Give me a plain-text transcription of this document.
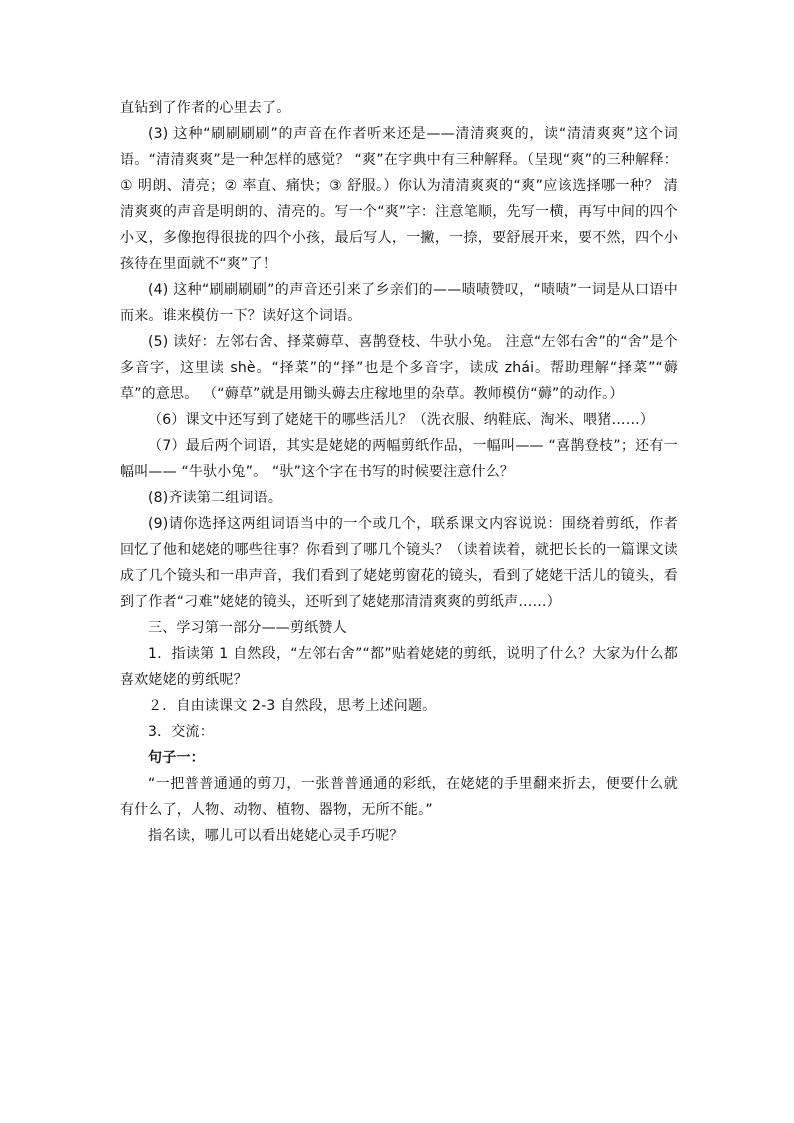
直钻到了作者的心里去了。

(3) 这种“刷刷刷刷”的声音在作者听来还是——清清爽爽的，读“清清爽爽”这个词语。“清清爽爽”是一种怎样的感觉？ “爽”在字典中有三种解释。（呈现“爽”的三种解释：① 明朗、清亮；② 率直、痛快；③ 舒服。）你认为清清爽爽的“爽”应该选择哪一种？ 清清爽爽的声音是明朗的、清亮的。写一个“爽”字：注意笔顺，先写一横，再写中间的四个小叉，多像抱得很拢的四个小孩，最后写人，一撇，一捺，要舒展开来，要不然，四个小孩待在里面就不“爽”了！

(4) 这种“刷刷刷刷”的声音还引来了乡亲们的——啧啧赞叹，“啧啧”一词是从口语中而来。谁来模仿一下？读好这个词语。

(5) 读好：左邻右舍、择菜薅草、喜鹊登枝、牛驮小兔。 注意“左邻右舍”的“舍”是个多音字，这里读 shè。“择菜”的“择”也是个多音字，读成 zhái。帮助理解“择菜”“薅草”的意思。 （“薅草”就是用锄头薅去庄稼地里的杂草。教师模仿“薅”的动作。）

（6）课文中还写到了姥姥干的哪些活儿？（洗衣服、纳鞋底、淘米、喂猪……）

（7）最后两个词语，其实是姥姥的两幅剪纸作品，一幅叫—— “喜鹊登枝”；还有一幅叫—— “牛驮小兔”。 “驮”这个字在书写的时候要注意什么？

(8)齐读第二组词语。

(9)请你选择这两组词语当中的一个或几个，联系课文内容说说：围绕着剪纸，作者回忆了他和姥姥的哪些往事？你看到了哪几个镜头？（读着读着，就把长长的一篇课文读成了几个镜头和一串声音，我们看到了姥姥剪窗花的镜头，看到了姥姥干活儿的镜头，看到了作者“刁难”姥姥的镜头，还听到了姥姥那清清爽爽的剪纸声……）

三、学习第一部分——剪纸赞人

1．指读第 1 自然段，“左邻右舍”“都”贴着姥姥的剪纸，说明了什么？大家为什么都喜欢姥姥的剪纸呢？

２．自由读课文 2-3 自然段，思考上述问题。

3．交流：

句子一：

“一把普普通通的剪刀，一张普普通通的彩纸，在姥姥的手里翻来折去，便要什么就有什么了，人物、动物、植物、器物，无所不能。”

指名读，哪儿可以看出姥姥心灵手巧呢？
